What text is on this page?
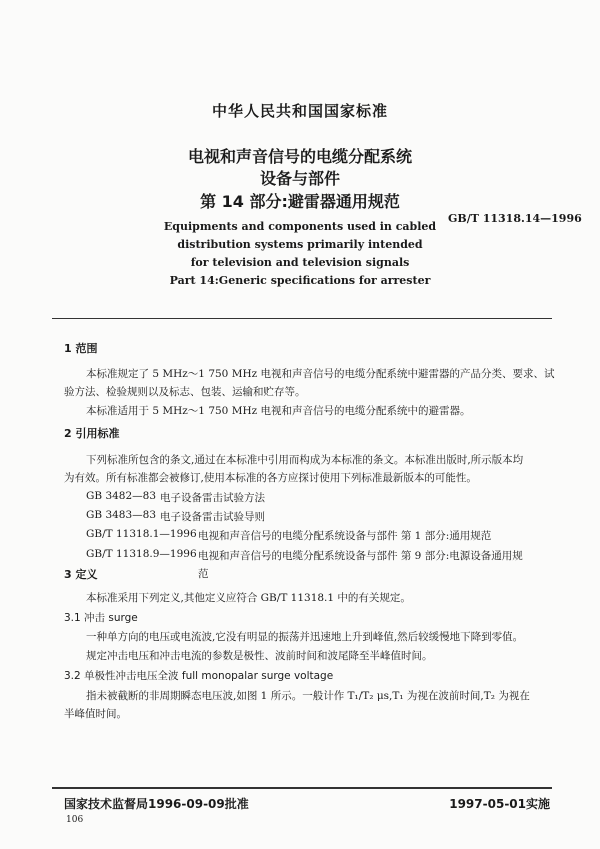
中华人民共和国国家标准
电视和声音信号的电缆分配系统
设备与部件
第 14 部分:避雷器通用规范
GB/T 11318.14—1996
Equipments and components used in cabled
distribution systems primarily intended
for television and television signals
Part 14:Generic specifications for arrester
1 范围
本标准规定了 5 MHz～1 750 MHz 电视和声音信号的电缆分配系统中避雷器的产品分类、要求、试
验方法、检验规则以及标志、包装、运输和贮存等。
本标准适用于 5 MHz～1 750 MHz 电视和声音信号的电缆分配系统中的避雷器。
2 引用标准
下列标准所包含的条文,通过在本标准中引用而构成为本标准的条文。本标准出版时,所示版本均
为有效。所有标准都会被修订,使用本标准的各方应探讨使用下列标准最新版本的可能性。
GB 3482—83 电子设备雷击试验方法
GB 3483—83 电子设备雷击试验导则
GB/T 11318.1—1996 电视和声音信号的电缆分配系统设备与部件 第 1 部分:通用规范
GB/T 11318.9—1996 电视和声音信号的电缆分配系统设备与部件 第 9 部分:电源设备通用规
范
3 定义
本标准采用下列定义,其他定义应符合 GB/T 11318.1 中的有关规定。
3.1 冲击 surge
一种单方向的电压或电流波,它没有明显的振荡并迅速地上升到峰值,然后较缓慢地下降到零值。
规定冲击电压和冲击电流的参数是极性、波前时间和波尾降至半峰值时间。
3.2 单极性冲击电压全波 full monopalar surge voltage
指未被截断的非周期瞬态电压波,如图 1 所示。一般计作 T₁/T₂ μs,T₁ 为视在波前时间,T₂ 为视在
半峰值时间。
国家技术监督局1996-09-09批准	1997-05-01实施
106
